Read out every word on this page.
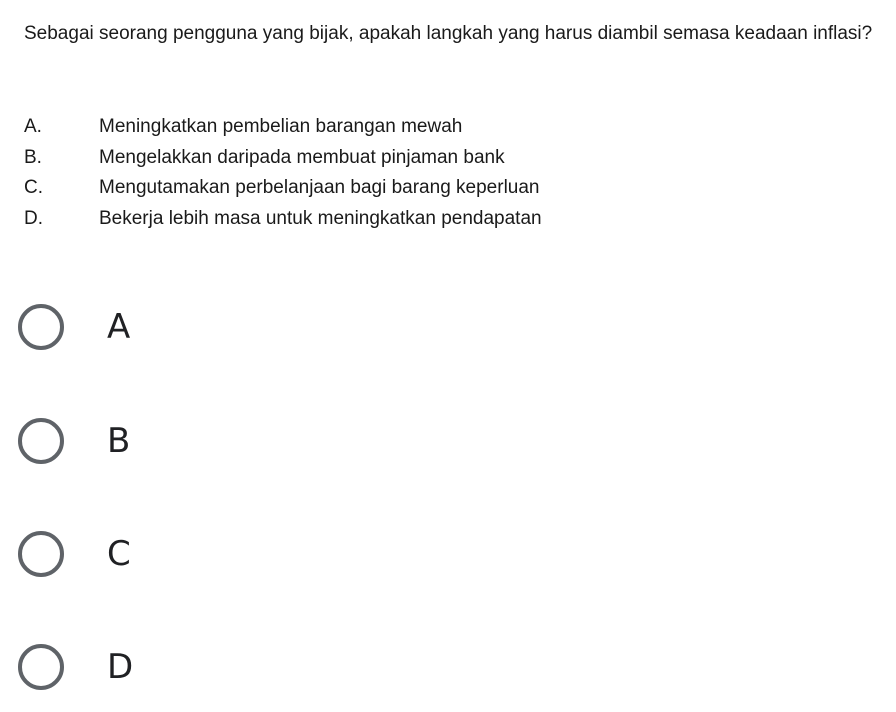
Sebagai seorang pengguna yang bijak, apakah langkah yang harus diambil semasa keadaan inflasi?
A.	Meningkatkan pembelian barangan mewah
B.	Mengelakkan daripada membuat pinjaman bank
C.	Mengutamakan perbelanjaan bagi barang keperluan
D.	Bekerja lebih masa untuk meningkatkan pendapatan
A
B
C
D
